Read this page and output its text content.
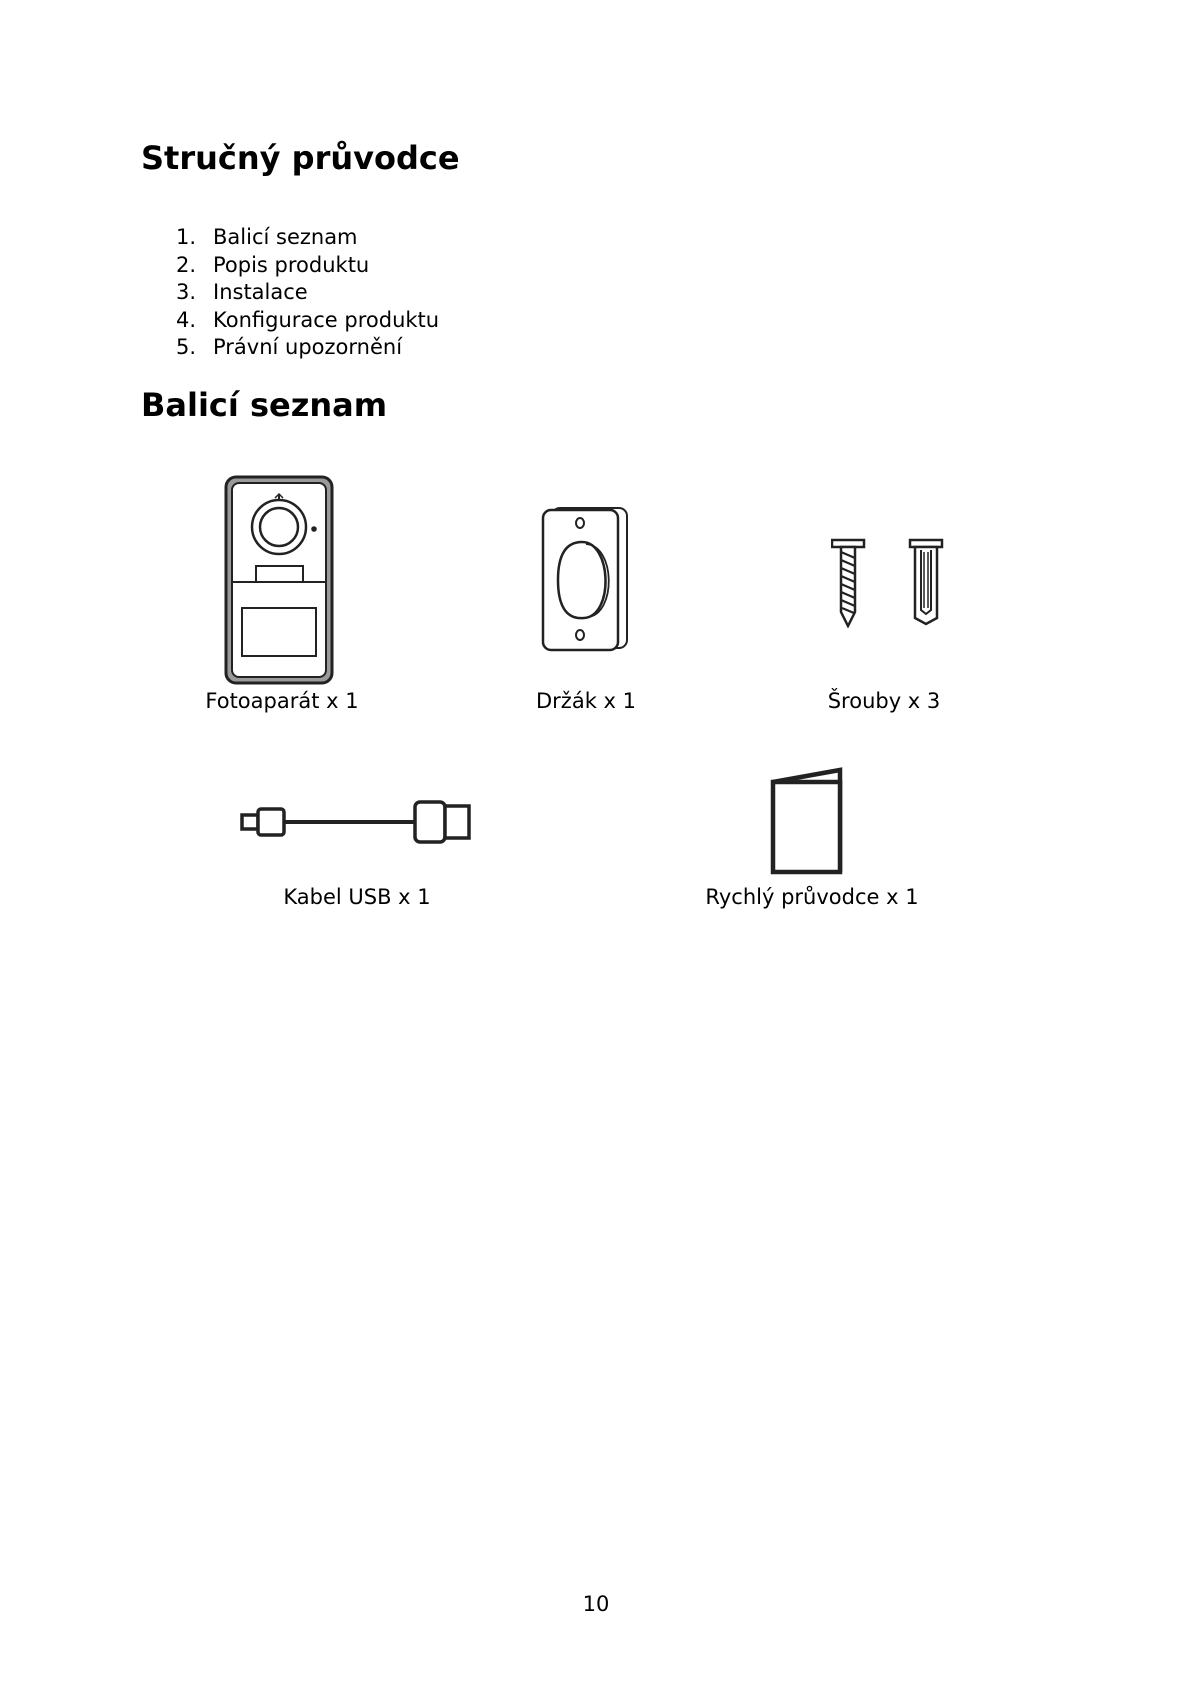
Stručný průvodce
1. Balicí seznam
2. Popis produktu
3. Instalace
4. Konfigurace produktu
5. Právní upozornění
Balicí seznam
Fotoaparát x 1	Držák x 1	Šrouby x 3
Kabel USB x 1	Rychlý průvodce x 1
10
